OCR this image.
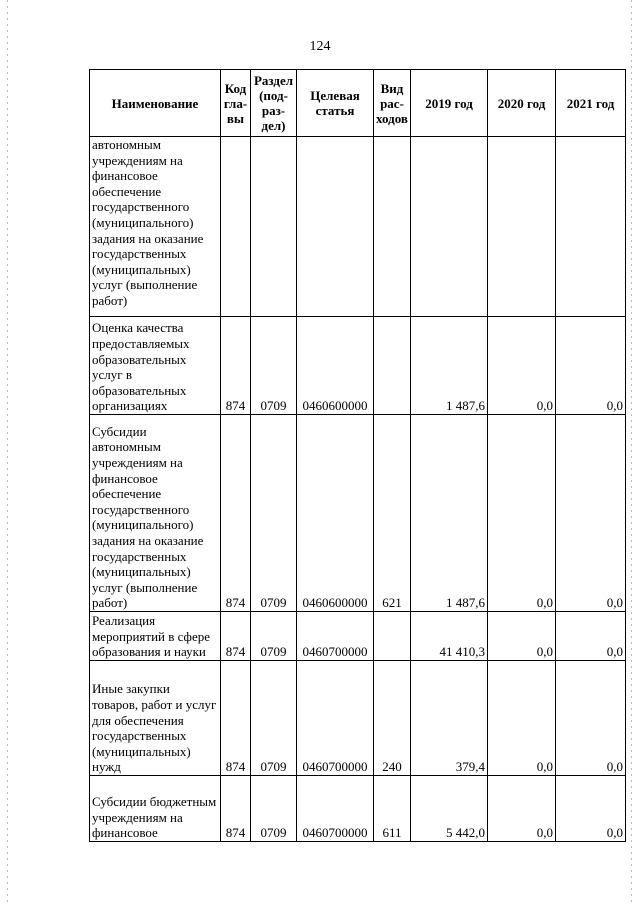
124
Наименование	Код гла- вы	Раздел (под- раз- дел)	Целевая статья	Вид рас- ходов	2019 год	2020 год	2021 год
автономным учреждениям на финансовое обеспечение государственного (муниципального) задания на оказание государственных (муниципальных) услуг (выполнение работ)							
Оценка качества предоставляемых образовательных услуг в образовательных организациях	874	0709	0460600000		1 487,6	0,0	0,0
Субсидии автономным учреждениям на финансовое обеспечение государственного (муниципального) задания на оказание государственных (муниципальных) услуг (выполнение работ)	874	0709	0460600000	621	1 487,6	0,0	0,0
Реализация мероприятий в сфере образования и науки	874	0709	0460700000		41 410,3	0,0	0,0
Иные закупки товаров, работ и услуг для обеспечения государственных (муниципальных) нужд	874	0709	0460700000	240	379,4	0,0	0,0
Субсидии бюджетным учреждениям на финансовое	874	0709	0460700000	611	5 442,0	0,0	0,0
